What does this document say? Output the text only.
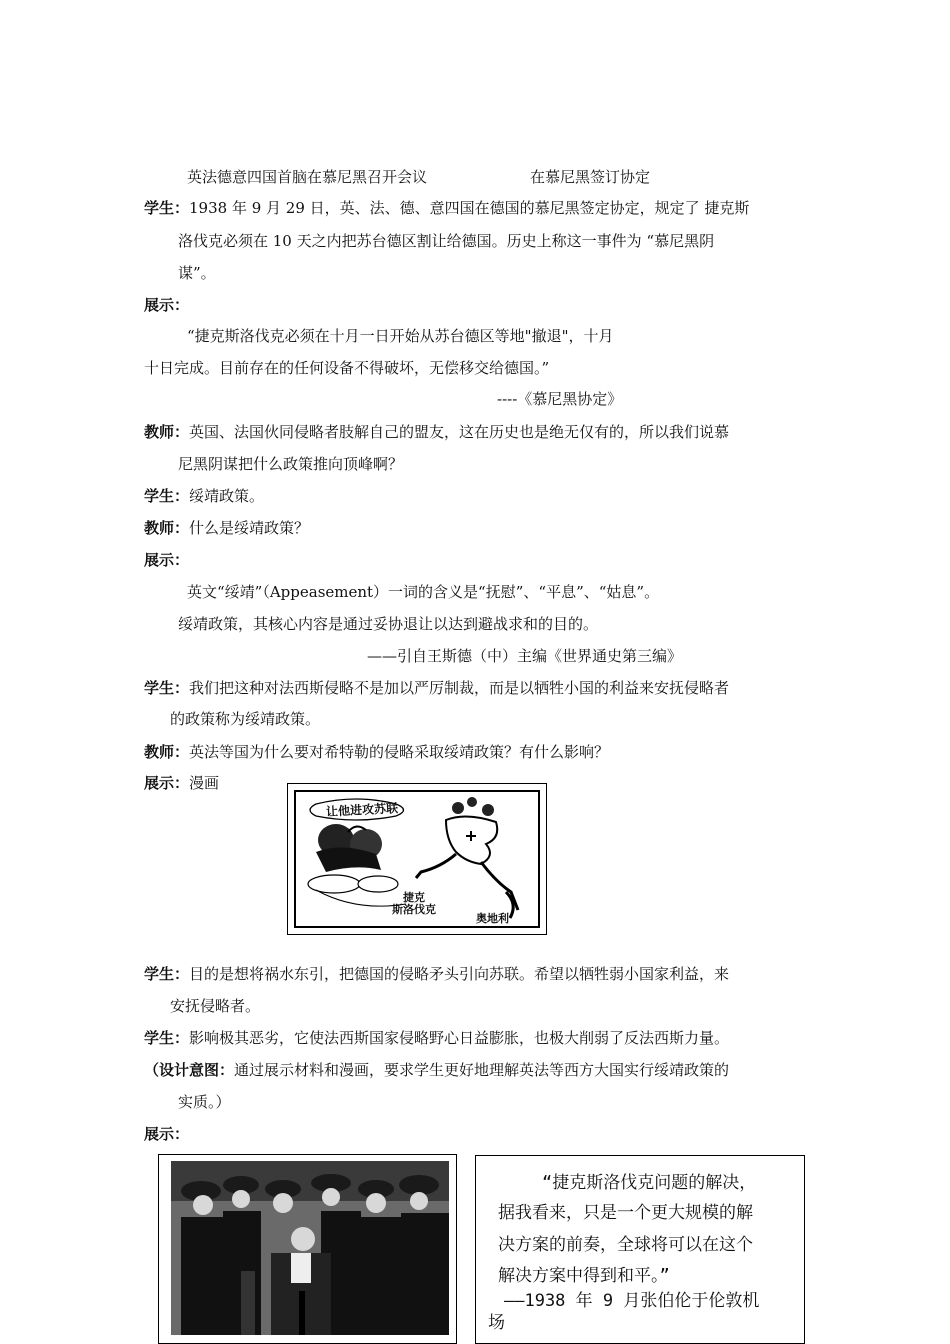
英法德意四国首脑在慕尼黑召开会议	在慕尼黑签订协定
学生：1938 年 9 月 29 日，英、法、德、意四国在德国的慕尼黑签定协定，规定了 捷克斯
洛伐克必须在 10 天之内把苏台德区割让给德国。历史上称这一事件为 “慕尼黑阴
谋”。
展示：
“捷克斯洛伐克必须在十月一日开始从苏台德区等地"撤退"，十月
十日完成。目前存在的任何设备不得破坏，无偿移交给德国。”
----《慕尼黑协定》
教师：英国、法国伙同侵略者肢解自己的盟友，这在历史也是绝无仅有的，所以我们说慕
尼黑阴谋把什么政策推向顶峰啊？
学生：绥靖政策。
教师：什么是绥靖政策？
展示：
英文“绥靖”（Appeasement）一词的含义是“抚慰”、“平息”、“姑息”。
绥靖政策，其核心内容是通过妥协退让以达到避战求和的目的。
——引自王斯德（中）主编《世界通史第三编》
学生：我们把这种对法西斯侵略不是加以严厉制裁，而是以牺牲小国的利益来安抚侵略者
的政策称为绥靖政策。
教师：英法等国为什么要对希特勒的侵略采取绥靖政策？有什么影响？
展示：漫画
让他进攻苏联
捷克
斯洛伐克
奥地利
学生：目的是想将祸水东引，把德国的侵略矛头引向苏联。希望以牺牲弱小国家利益，来
安抚侵略者。
学生：影响极其恶劣，它使法西斯国家侵略野心日益膨胀，也极大削弱了反法西斯力量。
（设计意图：通过展示材料和漫画，要求学生更好地理解英法等西方大国实行绥靖政策的
实质。）
展示：
“捷克斯洛伐克问题的解决，
据我看来，只是一个更大规模的解
决方案的前奏，全球将可以在这个
解决方案中得到和平。”
——1938 年 9 月张伯伦于伦敦机
场
